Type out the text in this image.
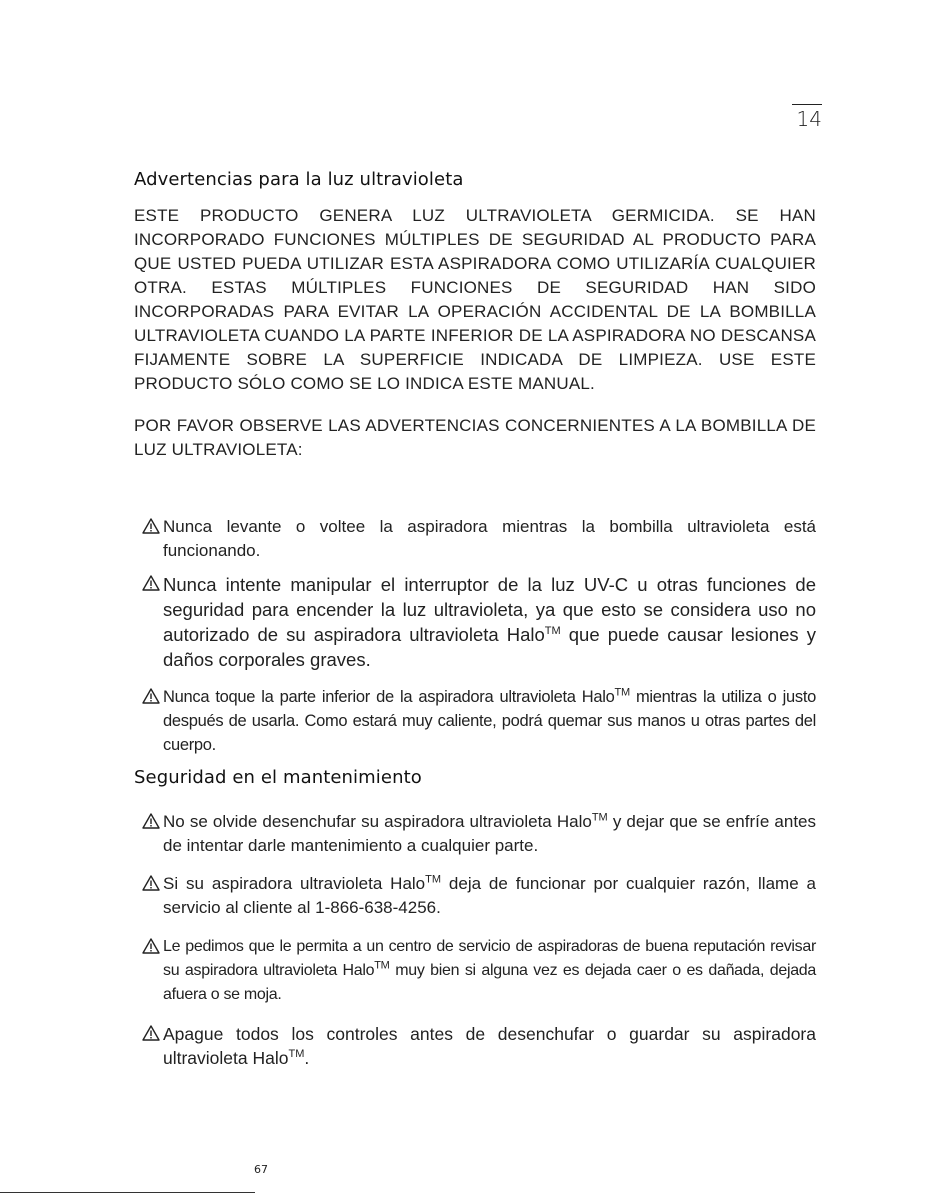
14
Advertencias para la luz ultravioleta

ESTE PRODUCTO GENERA LUZ ULTRAVIOLETA GERMICIDA. SE HAN INCORPORADO FUNCIONES MÚLTIPLES DE SEGURIDAD AL PRODUCTO PARA QUE USTED PUEDA UTILIZAR ESTA ASPIRADORA COMO UTILIZARÍA CUALQUIER OTRA. ESTAS MÚLTIPLES FUNCIONES DE SEGURIDAD HAN SIDO INCORPORADAS PARA EVITAR LA OPERACIÓN ACCIDENTAL DE LA BOMBILLA ULTRAVIOLETA CUANDO LA PARTE INFERIOR DE LA ASPIRADORA NO DESCANSA FIJAMENTE SOBRE LA SUPERFICIE INDICADA DE LIMPIEZA. USE ESTE PRODUCTO SÓLO COMO SE LO INDICA ESTE MANUAL.

POR FAVOR OBSERVE LAS ADVERTENCIAS CONCERNIENTES A LA BOMBILLA DE LUZ ULTRAVIOLETA:

Nunca levante o voltee la aspiradora mientras la bombilla ultravioleta está funcionando.
Nunca intente manipular el interruptor de la luz UV-C u otras funciones de seguridad para encender la luz ultravioleta, ya que esto se considera uso no autorizado de su aspiradora ultravioleta Halo™ que puede causar lesiones y daños corporales graves.
Nunca toque la parte inferior de la aspiradora ultravioleta Halo™ mientras la utiliza o justo después de usarla. Como estará muy caliente, podrá quemar sus manos u otras partes del cuerpo.
Seguridad en el mantenimiento
No se olvide desenchufar su aspiradora ultravioleta Halo™ y dejar que se enfríe antes de intentar darle mantenimiento a cualquier parte.
Si su aspiradora ultravioleta Halo™ deja de funcionar por cualquier razón, llame a servicio al cliente al 1-866-638-4256.
Le pedimos que le permita a un centro de servicio de aspiradoras de buena reputación revisar su aspiradora ultravioleta Halo™ muy bien si alguna vez es dejada caer o es dañada, dejada afuera o se moja.
Apague todos los controles antes de desenchufar o guardar su aspiradora ultravioleta Halo™.
67
